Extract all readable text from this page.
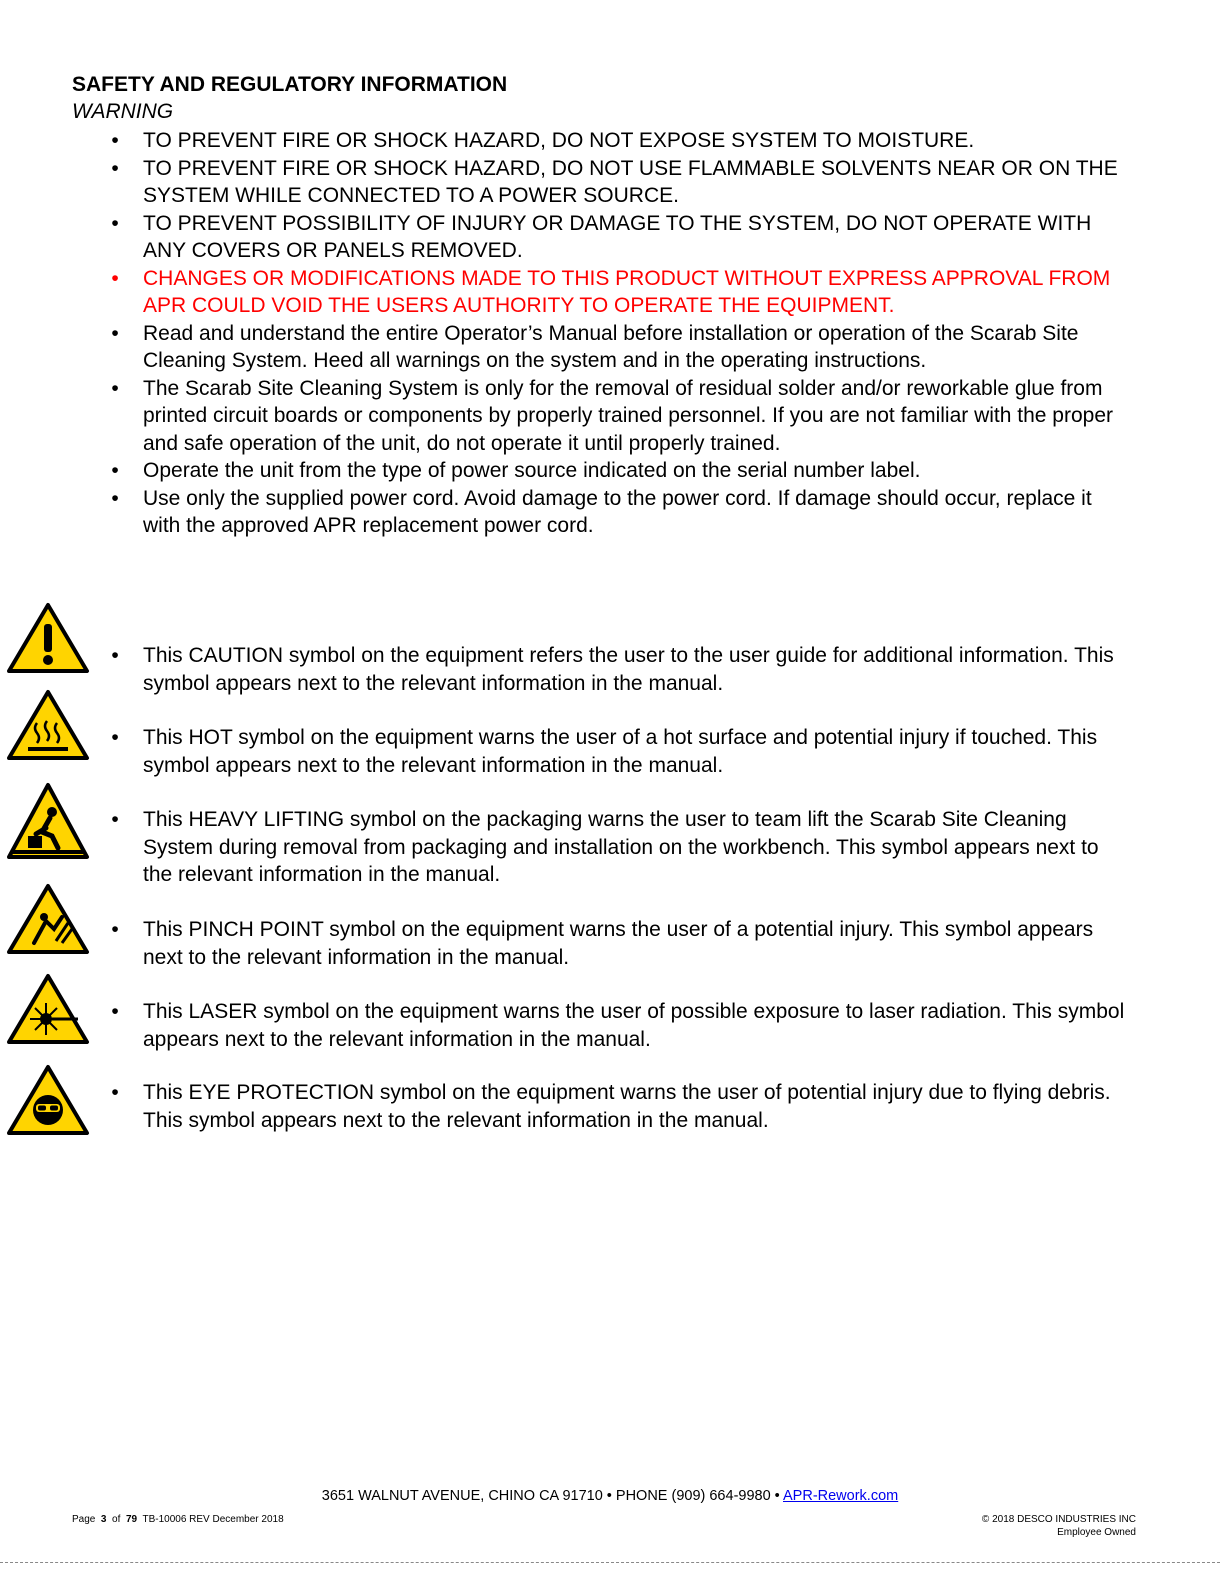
SAFETY AND REGULATORY INFORMATION
WARNING
• TO PREVENT FIRE OR SHOCK HAZARD, DO NOT EXPOSE SYSTEM TO MOISTURE.
• TO PREVENT FIRE OR SHOCK HAZARD, DO NOT USE FLAMMABLE SOLVENTS NEAR OR ON THE SYSTEM WHILE CONNECTED TO A POWER SOURCE.
• TO PREVENT POSSIBILITY OF INJURY OR DAMAGE TO THE SYSTEM, DO NOT OPERATE WITH ANY COVERS OR PANELS REMOVED.
• CHANGES OR MODIFICATIONS MADE TO THIS PRODUCT WITHOUT EXPRESS APPROVAL FROM APR COULD VOID THE USERS AUTHORITY TO OPERATE THE EQUIPMENT.
• Read and understand the entire Operator’s Manual before installation or operation of the Scarab Site Cleaning System. Heed all warnings on the system and in the operating instructions.
• The Scarab Site Cleaning System is only for the removal of residual solder and/or reworkable glue from printed circuit boards or components by properly trained personnel. If you are not familiar with the proper and safe operation of the unit, do not operate it until properly trained.
• Operate the unit from the type of power source indicated on the serial number label.
• Use only the supplied power cord. Avoid damage to the power cord. If damage should occur, replace it with the approved APR replacement power cord.
• This CAUTION symbol on the equipment refers the user to the user guide for additional information. This symbol appears next to the relevant information in the manual.
• This HOT symbol on the equipment warns the user of a hot surface and potential injury if touched. This symbol appears next to the relevant information in the manual.
• This HEAVY LIFTING symbol on the packaging warns the user to team lift the Scarab Site Cleaning System during removal from packaging and installation on the workbench. This symbol appears next to the relevant information in the manual.
• This PINCH POINT symbol on the equipment warns the user of a potential injury. This symbol appears next to the relevant information in the manual.
• This LASER symbol on the equipment warns the user of possible exposure to laser radiation. This symbol appears next to the relevant information in the manual.
• This EYE PROTECTION symbol on the equipment warns the user of potential injury due to flying debris. This symbol appears next to the relevant information in the manual.
3651 WALNUT AVENUE, CHINO CA 91710 • PHONE (909) 664-9980 • APR-Rework.com
Page 3 of 79 TB-10006 REV December 2018	© 2018 DESCO INDUSTRIES INC
Employee Owned
